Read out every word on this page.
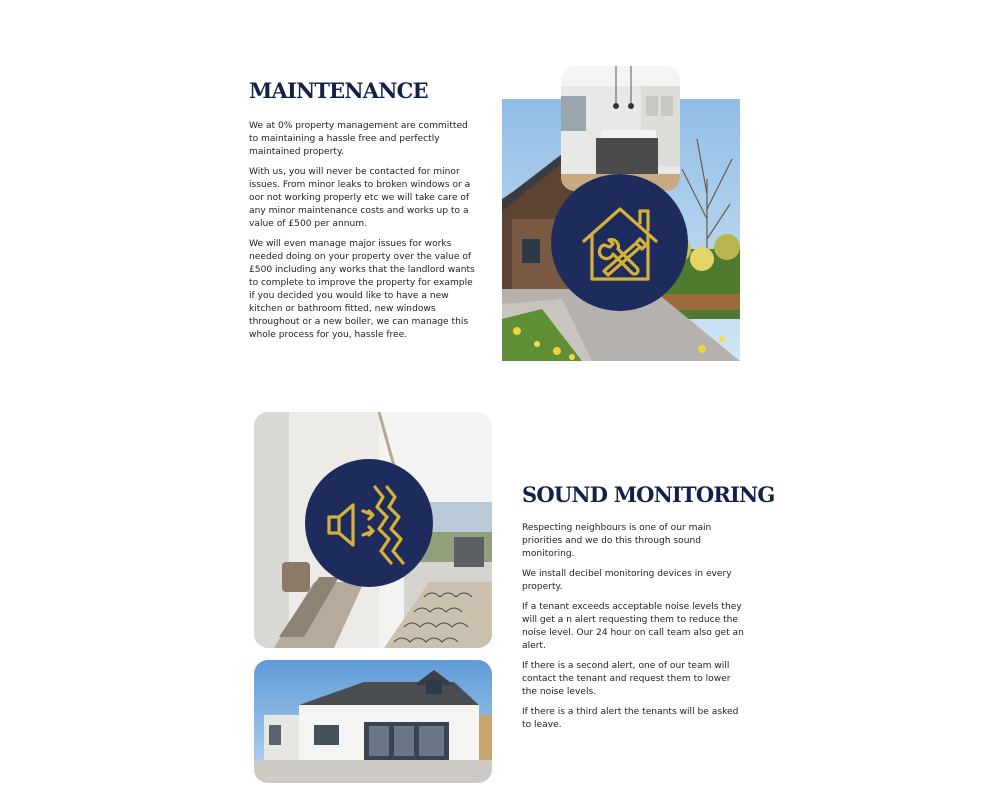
MAINTENANCE

We at 0% property management are committed to maintaining a hassle free and perfectly maintained property.

With us, you will never be contacted for minor issues. From minor leaks to broken windows or a oor not working properly etc we will take care of any minor maintenance costs and works up to a value of £500 per annum.

We will even manage major issues for works needed doing on your property over the value of £500 including any works that the landlord wants to complete to improve the property for example if you decided you would like to have a new kitchen or bathroom fitted, new windows throughout or a new boiler, we can manage this whole process for you, hassle free.

SOUND MONITORING

Respecting neighbours is one of our main priorities and we do this through sound monitoring.

We install decibel monitoring devices in every property.

If a tenant exceeds acceptable noise levels they will get a n alert requesting them to reduce the noise level. Our 24 hour on call team also get an alert.

If there is a second alert, one of our team will contact the tenant and request them to lower the noise levels.

If there is a third alert the tenants will be asked to leave.
